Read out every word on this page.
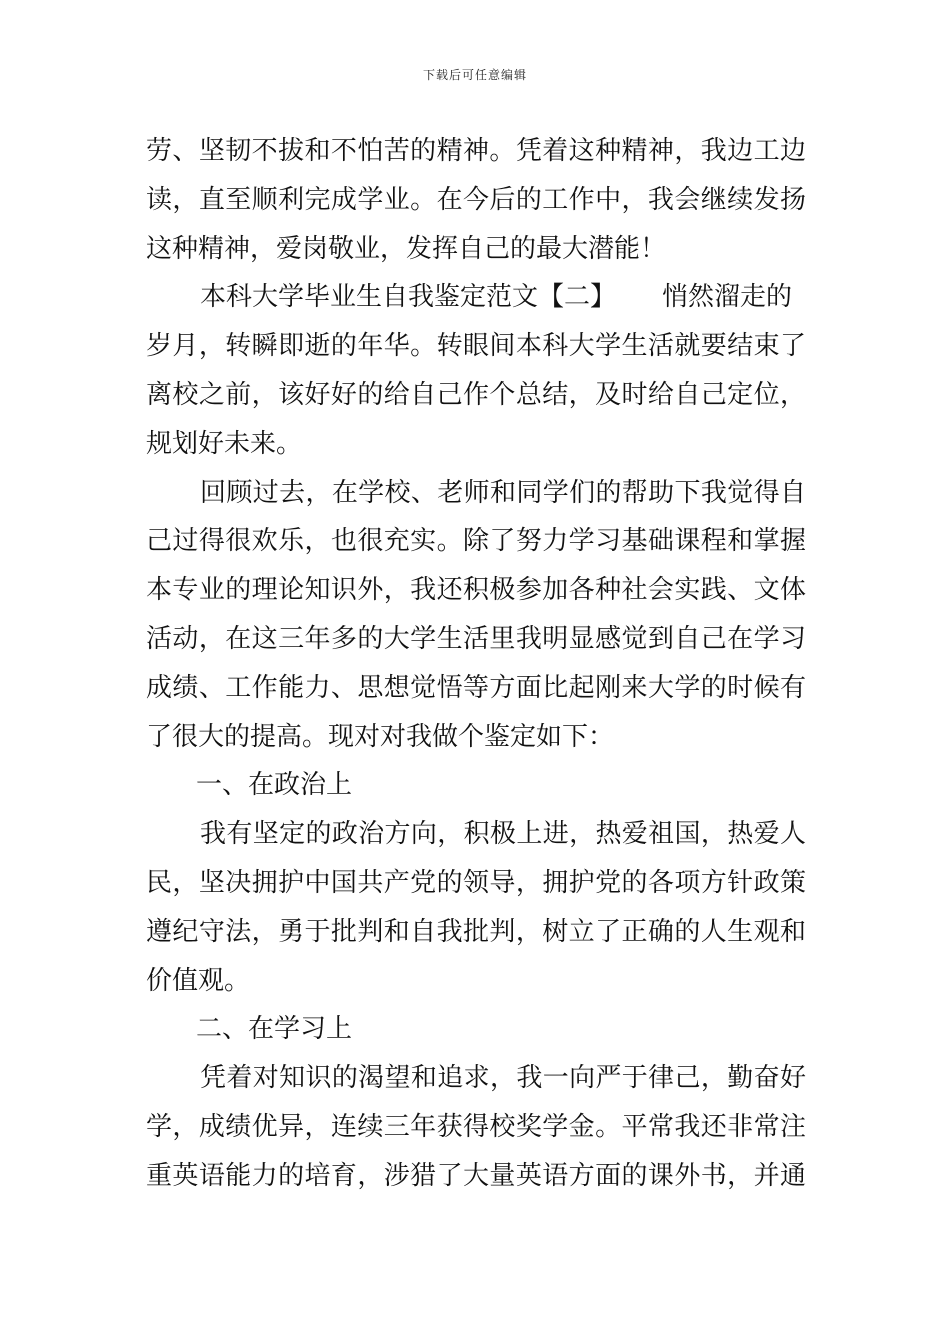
下载后可任意编辑
劳、坚韧不拔和不怕苦的精神。凭着这种精神，我边工边
读，直至顺利完成学业。在今后的工作中，我会继续发扬
这种精神，爱岗敬业，发挥自己的最大潜能！
本科大学毕业生自我鉴定范文【二】 悄然溜走的
岁月，转瞬即逝的年华。转眼间本科大学生活就要结束了
离校之前，该好好的给自己作个总结，及时给自己定位，
规划好未来。
回顾过去，在学校、老师和同学们的帮助下我觉得自
己过得很欢乐，也很充实。除了努力学习基础课程和掌握
本专业的理论知识外，我还积极参加各种社会实践、文体
活动，在这三年多的大学生活里我明显感觉到自己在学习
成绩、工作能力、思想觉悟等方面比起刚来大学的时候有
了很大的提高。现对对我做个鉴定如下：
一、在政治上
我有坚定的政治方向，积极上进，热爱祖国，热爱人
民，坚决拥护中国共产党的领导，拥护党的各项方针政策
遵纪守法，勇于批判和自我批判，树立了正确的人生观和
价值观。
二、在学习上
凭着对知识的渴望和追求，我一向严于律己，勤奋好
学，成绩优异，连续三年获得校奖学金。平常我还非常注
重英语能力的培育，涉猎了大量英语方面的课外书，并通
